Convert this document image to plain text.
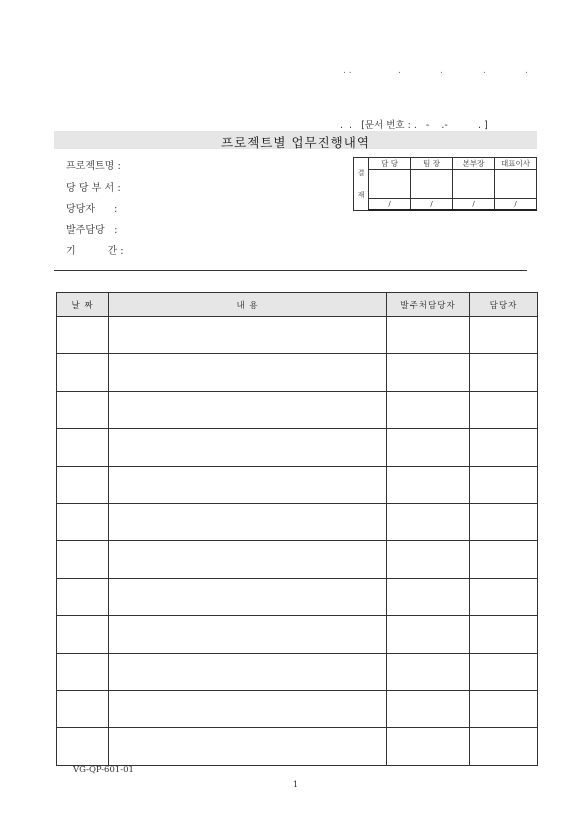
. .	.	.	.	.
.  .   [문서 번호 : .   -    .-          . ]
프로젝트별 업무진행내역
프로젝트명 :
당 당 부 서 :
당당자      :
발주담당   :
기          간 :
결
재	담 당	팀 장	본부장	대표이사

	/	/	/	/
날 짜	내 용	발주처담당자	담당자

VG-QP-601-01
1
